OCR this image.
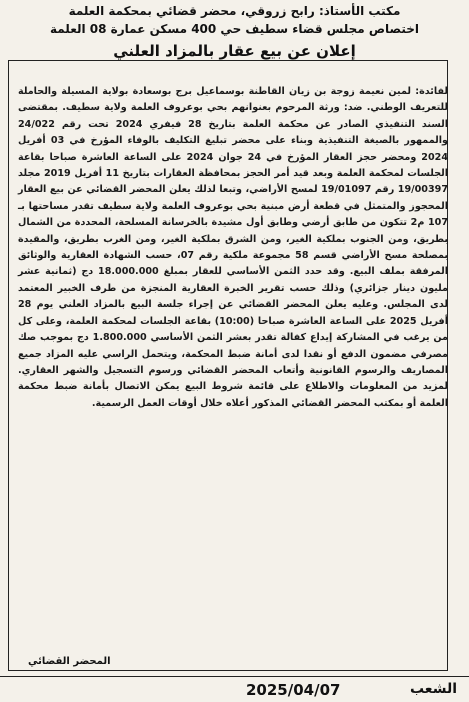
مكتب الأستاذ: رابح زروقي، محضر قضائي بمحكمة العلمة
اختصاص مجلس قضاء سطيف حي 400 مسكن عمارة 08 العلمة
إعلان عن بيع عقار بالمزاد العلني
لفائدة: لمين نعيمة زوجة بن زيان القاطنة بوسماعيل برج بوسعادة بولاية المسيلة والحاملة للتعريف الوطني. ضد: ورثة المرحوم بعنوانهم بحي بوعروف العلمة ولاية سطيف. بمقتضى السند التنفيذي الصادر عن محكمة العلمة بتاريخ 28 فيفري 2024 تحت رقم 24/022 والممهور بالصيغة التنفيذية وبناء على محضر تبليغ التكليف بالوفاء المؤرخ في 03 أفريل 2024 ومحضر حجز العقار المؤرخ في 24 جوان 2024 على الساعة العاشرة صباحا بقاعة الجلسات لمحكمة العلمة وبعد قيد أمر الحجز بمحافظة العقارات بتاريخ 11 أفريل 2019 مجلد 19/00397 رقم 19/01097 لمسح الأراضي، وتبعا لذلك يعلن المحضر القضائي عن بيع العقار المحجوز والمتمثل في قطعة أرض مبنية بحي بوعروف العلمة ولاية سطيف تقدر مساحتها بـ 107 م2 تتكون من طابق أرضي وطابق أول مشيدة بالخرسانة المسلحة، المحددة من الشمال بطريق، ومن الجنوب بملكية الغير، ومن الشرق بملكية الغير، ومن الغرب بطريق، والمقيدة بمصلحة مسح الأراضي قسم 58 مجموعة ملكية رقم 07، حسب الشهادة العقارية والوثائق المرفقة بملف البيع. وقد حدد الثمن الأساسي للعقار بمبلغ 18.000.000 دج (ثمانية عشر مليون دينار جزائري) وذلك حسب تقرير الخبرة العقارية المنجزة من طرف الخبير المعتمد لدى المجلس. وعليه يعلن المحضر القضائي عن إجراء جلسة البيع بالمزاد العلني يوم 28 أفريل 2025 على الساعة العاشرة صباحا (10:00) بقاعة الجلسات لمحكمة العلمة، وعلى كل من يرغب في المشاركة إيداع كفالة تقدر بعشر الثمن الأساسي 1.800.000 دج بموجب صك مصرفي مضمون الدفع أو نقدا لدى أمانة ضبط المحكمة، ويتحمل الراسي عليه المزاد جميع المصاريف والرسوم القانونية وأتعاب المحضر القضائي ورسوم التسجيل والشهر العقاري. لمزيد من المعلومات والاطلاع على قائمة شروط البيع يمكن الاتصال بأمانة ضبط محكمة العلمة أو بمكتب المحضر القضائي المذكور أعلاه خلال أوقات العمل الرسمية.
المحضر القضائي
الشعب
2025/04/07
